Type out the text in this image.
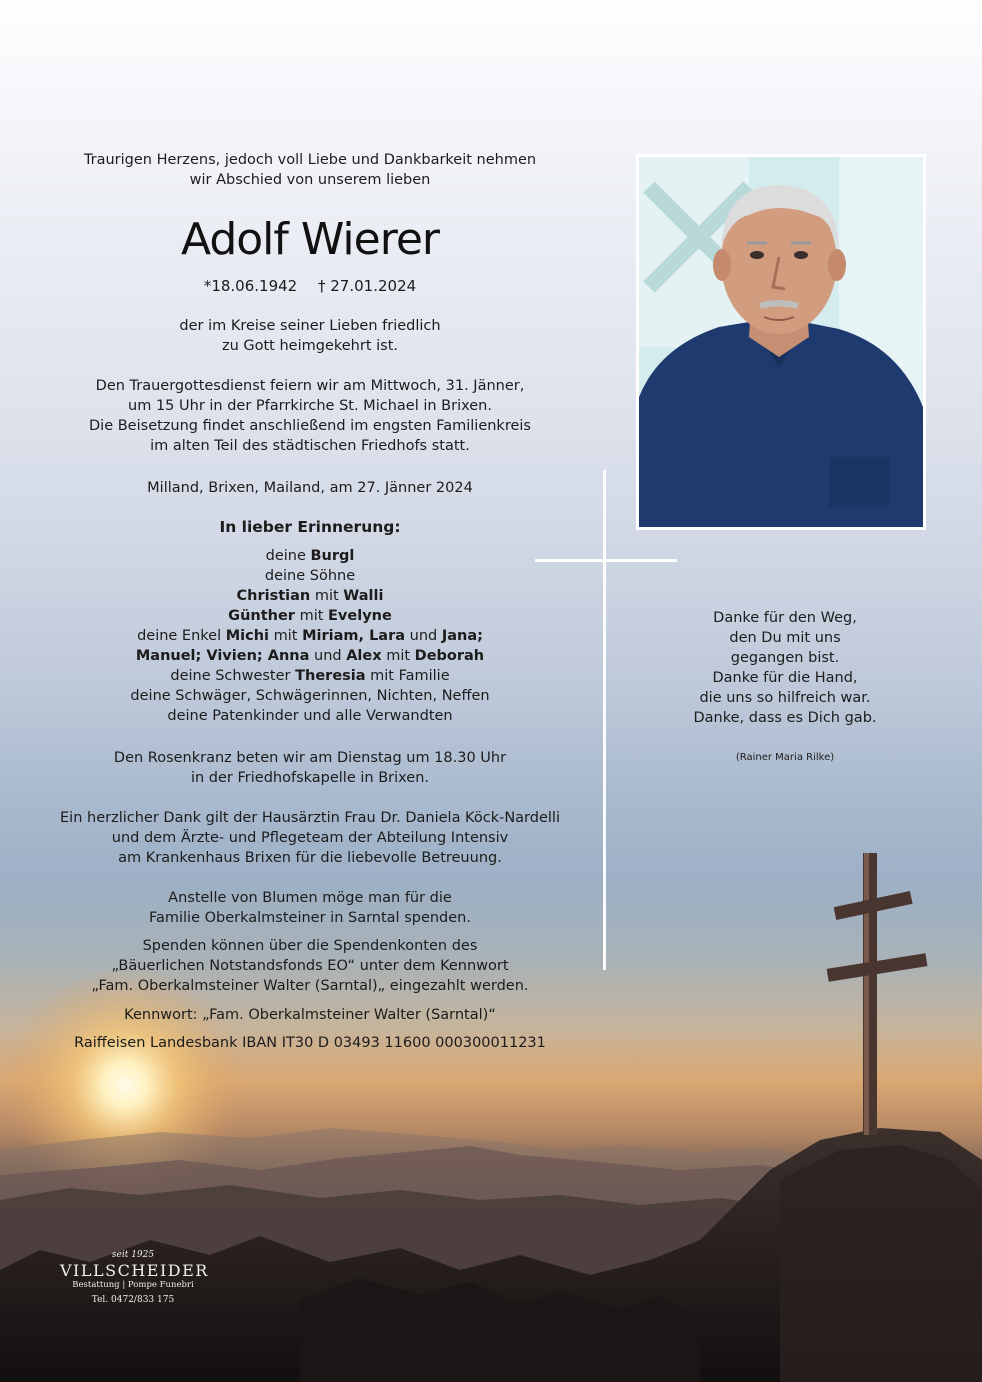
Traurigen Herzens, jedoch voll Liebe und Dankbarkeit nehmen
wir Abschied von unserem lieben
Adolf Wierer
*18.06.1942 † 27.01.2024
der im Kreise seiner Lieben friedlich
zu Gott heimgekehrt ist.
Den Trauergottesdienst feiern wir am Mittwoch, 31. Jänner,
um 15 Uhr in der Pfarrkirche St. Michael in Brixen.
Die Beisetzung findet anschließend im engsten Familienkreis
im alten Teil des städtischen Friedhofs statt.
Milland, Brixen, Mailand, am 27. Jänner 2024
In lieber Erinnerung:
deine Burgl
deine Söhne
Christian mit Walli
Günther mit Evelyne
deine Enkel Michi mit Miriam, Lara und Jana;
Manuel; Vivien; Anna und Alex mit Deborah
deine Schwester Theresia mit Familie
deine Schwäger, Schwägerinnen, Nichten, Neffen
deine Patenkinder und alle Verwandten
Den Rosenkranz beten wir am Dienstag um 18.30 Uhr
in der Friedhofskapelle in Brixen.
Ein herzlicher Dank gilt der Hausärztin Frau Dr. Daniela Köck-Nardelli
und dem Ärzte- und Pflegeteam der Abteilung Intensiv
am Krankenhaus Brixen für die liebevolle Betreuung.
Anstelle von Blumen möge man für die
Familie Oberkalmsteiner in Sarntal spenden.
Spenden können über die Spendenkonten des
„Bäuerlichen Notstandsfonds EO“ unter dem Kennwort
„Fam. Oberkalmsteiner Walter (Sarntal)„ eingezahlt werden.
Kennwort: „Fam. Oberkalmsteiner Walter (Sarntal)“
Raiffeisen Landesbank IBAN IT30 D 03493 11600 000300011231
Danke für den Weg,
den Du mit uns
gegangen bist.
Danke für die Hand,
die uns so hilfreich war.
Danke, dass es Dich gab.
(Rainer Maria Rilke)
seit 1925
VILLSCHEIDER
Bestattung | Pompe Funebri
Tel. 0472/833 175
